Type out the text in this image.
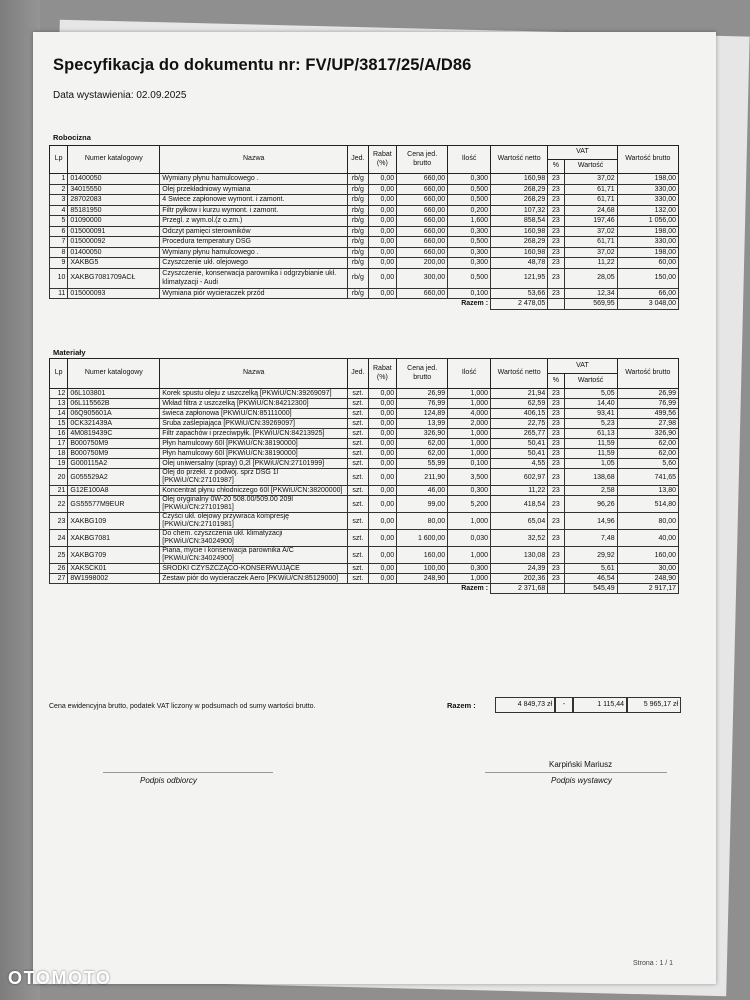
Specyfikacja do dokumentu nr: FV/UP/3817/25/A/D86
Data wystawienia: 02.09.2025
Robocizna
Lp	Numer katalogowy	Nazwa	Jed.	Rabat (%)	Cena jed. brutto	Ilość	Wartość netto	VAT		Wartość brutto
								%	Wartość	
1	01400050	Wymiany płynu hamulcowego .	rb/g	0,00	660,00	0,300	160,98	23	37,02	198,00
2	34015550	Olej przekładniowy wymiana	rb/g	0,00	660,00	0,500	268,29	23	61,71	330,00
3	28702083	4 Swiece zapłonowe wymont. i zamont.	rb/g	0,00	660,00	0,500	268,29	23	61,71	330,00
4	85181950	Filtr pyłkow i kurzu wymont. i zamont.	rb/g	0,00	660,00	0,200	107,32	23	24,68	132,00
5	01090000	Przegl. z wym.ol.(z o.zm.)	rb/g	0,00	660,00	1,600	858,54	23	197,46	1 056,00
6	015000091	Odczyt pamięci sterowników	rb/g	0,00	660,00	0,300	160,98	23	37,02	198,00
7	015000092	Procedura temperatury DSG	rb/g	0,00	660,00	0,500	268,29	23	61,71	330,00
8	01400050	Wymiany płynu hamulcowego .	rb/g	0,00	660,00	0,300	160,98	23	37,02	198,00
9	XAKBG5	Czyszczenie ukł. olejowego	rb/g	0,00	200,00	0,300	48,78	23	11,22	60,00
10	XAKBG7081709ACŁ	Czyszczenie, konserwacja parownika i odgrzybianie ukł. klimatyzacji - Audi	rb/g	0,00	300,00	0,500	121,95	23	28,05	150,00
11	015000093	Wymiana piór wycieraczek przód	rb/g	0,00	660,00	0,100	53,66	23	12,34	66,00
Razem :							2 478,05		569,95	3 048,00
Materiały
Lp	Numer katalogowy	Nazwa	Jed.	Rabat (%)	Cena jed. brutto	Ilość	Wartość netto	VAT		Wartość brutto
								%	Wartość	
12	06L103801	Korek spustu oleju z uszczelką [PKWiU/CN:39269097]	szt.	0,00	26,99	1,000	21,94	23	5,05	26,99
13	06L115562B	Wkład filtra z uszczelką [PKWiU/CN:84212300]	szt.	0,00	76,99	1,000	62,59	23	14,40	76,99
14	06Q905601A	świeca zapłonowa [PKWiU/CN:85111000]	szt.	0,00	124,89	4,000	406,15	23	93,41	499,56
15	0CK321439A	Śruba zaślepiająca [PKWiU/CN:39269097]	szt.	0,00	13,99	2,000	22,75	23	5,23	27,98
16	4M0819439C	Filtr zapachów i przeciwpyłk. [PKWiU/CN:84213925]	szt.	0,00	326,90	1,000	265,77	23	61,13	326,90
17	B000750M9	Płyn hamulcowy 60l [PKWiU/CN:38190000]	szt.	0,00	62,00	1,000	50,41	23	11,59	62,00
18	B000750M9	Płyn hamulcowy 60l [PKWiU/CN:38190000]	szt.	0,00	62,00	1,000	50,41	23	11,59	62,00
19	G000115A2	Olej uniwersalny (spray) 0,2l [PKWiU/CN:27101999]	szt.	0,00	55,99	0,100	4,55	23	1,05	5,60
20	G055529A2	Olej do przekł. z podwój. sprz DSG 1l [PKWiU/CN:27101987]	szt.	0,00	211,90	3,500	602,97	23	138,68	741,65
21	G12E100A8	Koncentrat płynu chłodniczego 60l [PKWiU/CN:38200000]	szt.	0,00	46,00	0,300	11,22	23	2,58	13,80
22	GS55577M9EUR	Olej oryginalny 0W-20 508.00/509.00 209l [PKWiU/CN:27101981]	szt.	0,00	99,00	5,200	418,54	23	96,26	514,80
23	XAKBG109	Czyści ukł. olejowy przywraca kompresję [PKWiU/CN:27101981]	szt.	0,00	80,00	1,000	65,04	23	14,96	80,00
24	XAKBG7081	Do chem. czyszczenia ukł. klimatyzacji [PKWiU/CN:34024900]	szt.	0,00	1 600,00	0,030	32,52	23	7,48	40,00
25	XAKBG709	Piana, mycie i konserwacja parownika A/C [PKWiU/CN:34024900]	szt.	0,00	160,00	1,000	130,08	23	29,92	160,00
26	XAKSCK01	ŚRODKI CZYSZCZĄCO-KONSERWUJĄCE	szt.	0,00	100,00	0,300	24,39	23	5,61	30,00
27	8W1998002	Zestaw piór do wycieraczek Aero [PKWiU/CN:85129000]	szt.	0,00	248,90	1,000	202,36	23	46,54	248,90
Razem :							2 371,68		545,49	2 917,17
Cena ewidencyjna brutto, podatek VAT liczony w podsumach od sumy wartości brutto.	Razem :	4 849,73 zł	-	1 115,44	5 965,17 zł
Karpiński Mariusz
Podpis odbiorcy	Podpis wystawcy
Strona : 1 / 1
OTOMOTO
